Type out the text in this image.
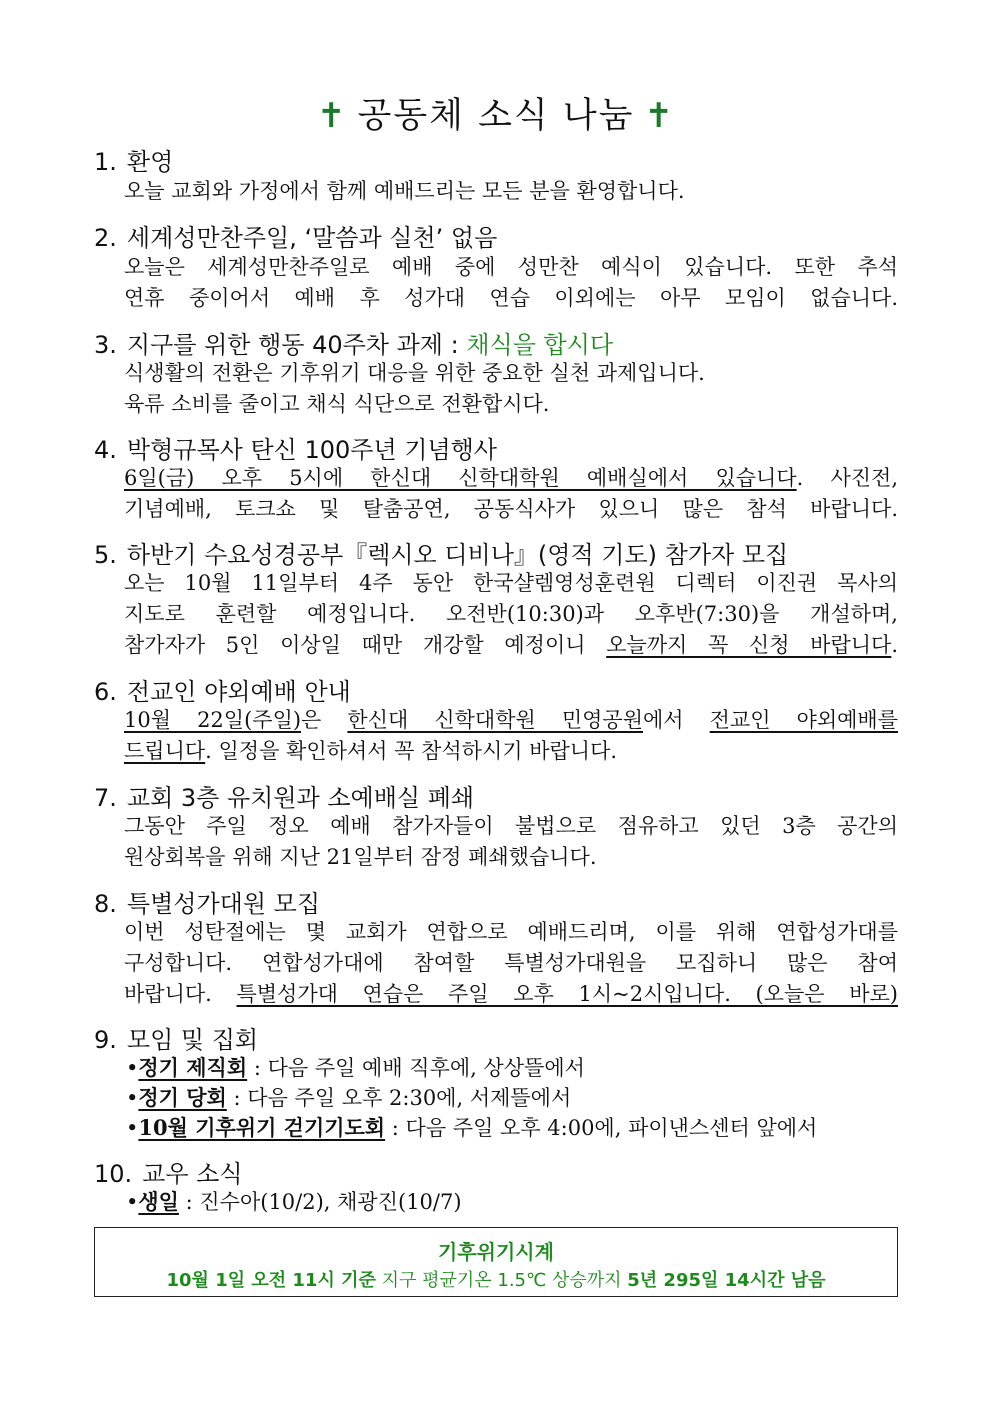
✝ 공동체 소식 나눔 ✝
1. 환영
오늘 교회와 가정에서 함께 예배드리는 모든 분을 환영합니다.
2. 세계성만찬주일, ‘말씀과 실천’ 없음
오늘은 세계성만찬주일로 예배 중에 성만찬 예식이 있습니다. 또한 추석
연휴 중이어서 예배 후 성가대 연습 이외에는 아무 모임이 없습니다.
3. 지구를 위한 행동 40주차 과제 : 채식을 합시다
식생활의 전환은 기후위기 대응을 위한 중요한 실천 과제입니다.
육류 소비를 줄이고 채식 식단으로 전환합시다.
4. 박형규목사 탄신 100주년 기념행사
6일(금) 오후 5시에 한신대 신학대학원 예배실에서 있습니다. 사진전,
기념예배, 토크쇼 및 탈춤공연, 공동식사가 있으니 많은 참석 바랍니다.
5. 하반기 수요성경공부『렉시오 디비나』(영적 기도) 참가자 모집
오는 10월 11일부터 4주 동안 한국샬렘영성훈련원 디렉터 이진권 목사의
지도로 훈련할 예정입니다. 오전반(10:30)과 오후반(7:30)을 개설하며,
참가자가 5인 이상일 때만 개강할 예정이니 오늘까지 꼭 신청 바랍니다.
6. 전교인 야외예배 안내
10월 22일(주일)은 한신대 신학대학원 민영공원에서 전교인 야외예배를
드립니다. 일정을 확인하셔서 꼭 참석하시기 바랍니다.
7. 교회 3층 유치원과 소예배실 폐쇄
그동안 주일 정오 예배 참가자들이 불법으로 점유하고 있던 3층 공간의
원상회복을 위해 지난 21일부터 잠정 폐쇄했습니다.
8. 특별성가대원 모집
이번 성탄절에는 몇 교회가 연합으로 예배드리며, 이를 위해 연합성가대를
구성합니다. 연합성가대에 참여할 특별성가대원을 모집하니 많은 참여
바랍니다. 특별성가대 연습은 주일 오후 1시~2시입니다. (오늘은 바로)
9. 모임 및 집회
•정기 제직회 : 다음 주일 예배 직후에, 상상뜰에서
•정기 당회 : 다음 주일 오후 2:30에, 서제뜰에서
•10월 기후위기 걷기기도회 : 다음 주일 오후 4:00에, 파이낸스센터 앞에서
10. 교우 소식
•생일 : 진수아(10/2), 채광진(10/7)
기후위기시계
10월 1일 오전 11시 기준 지구 평균기온 1.5℃ 상승까지 5년 295일 14시간 남음
